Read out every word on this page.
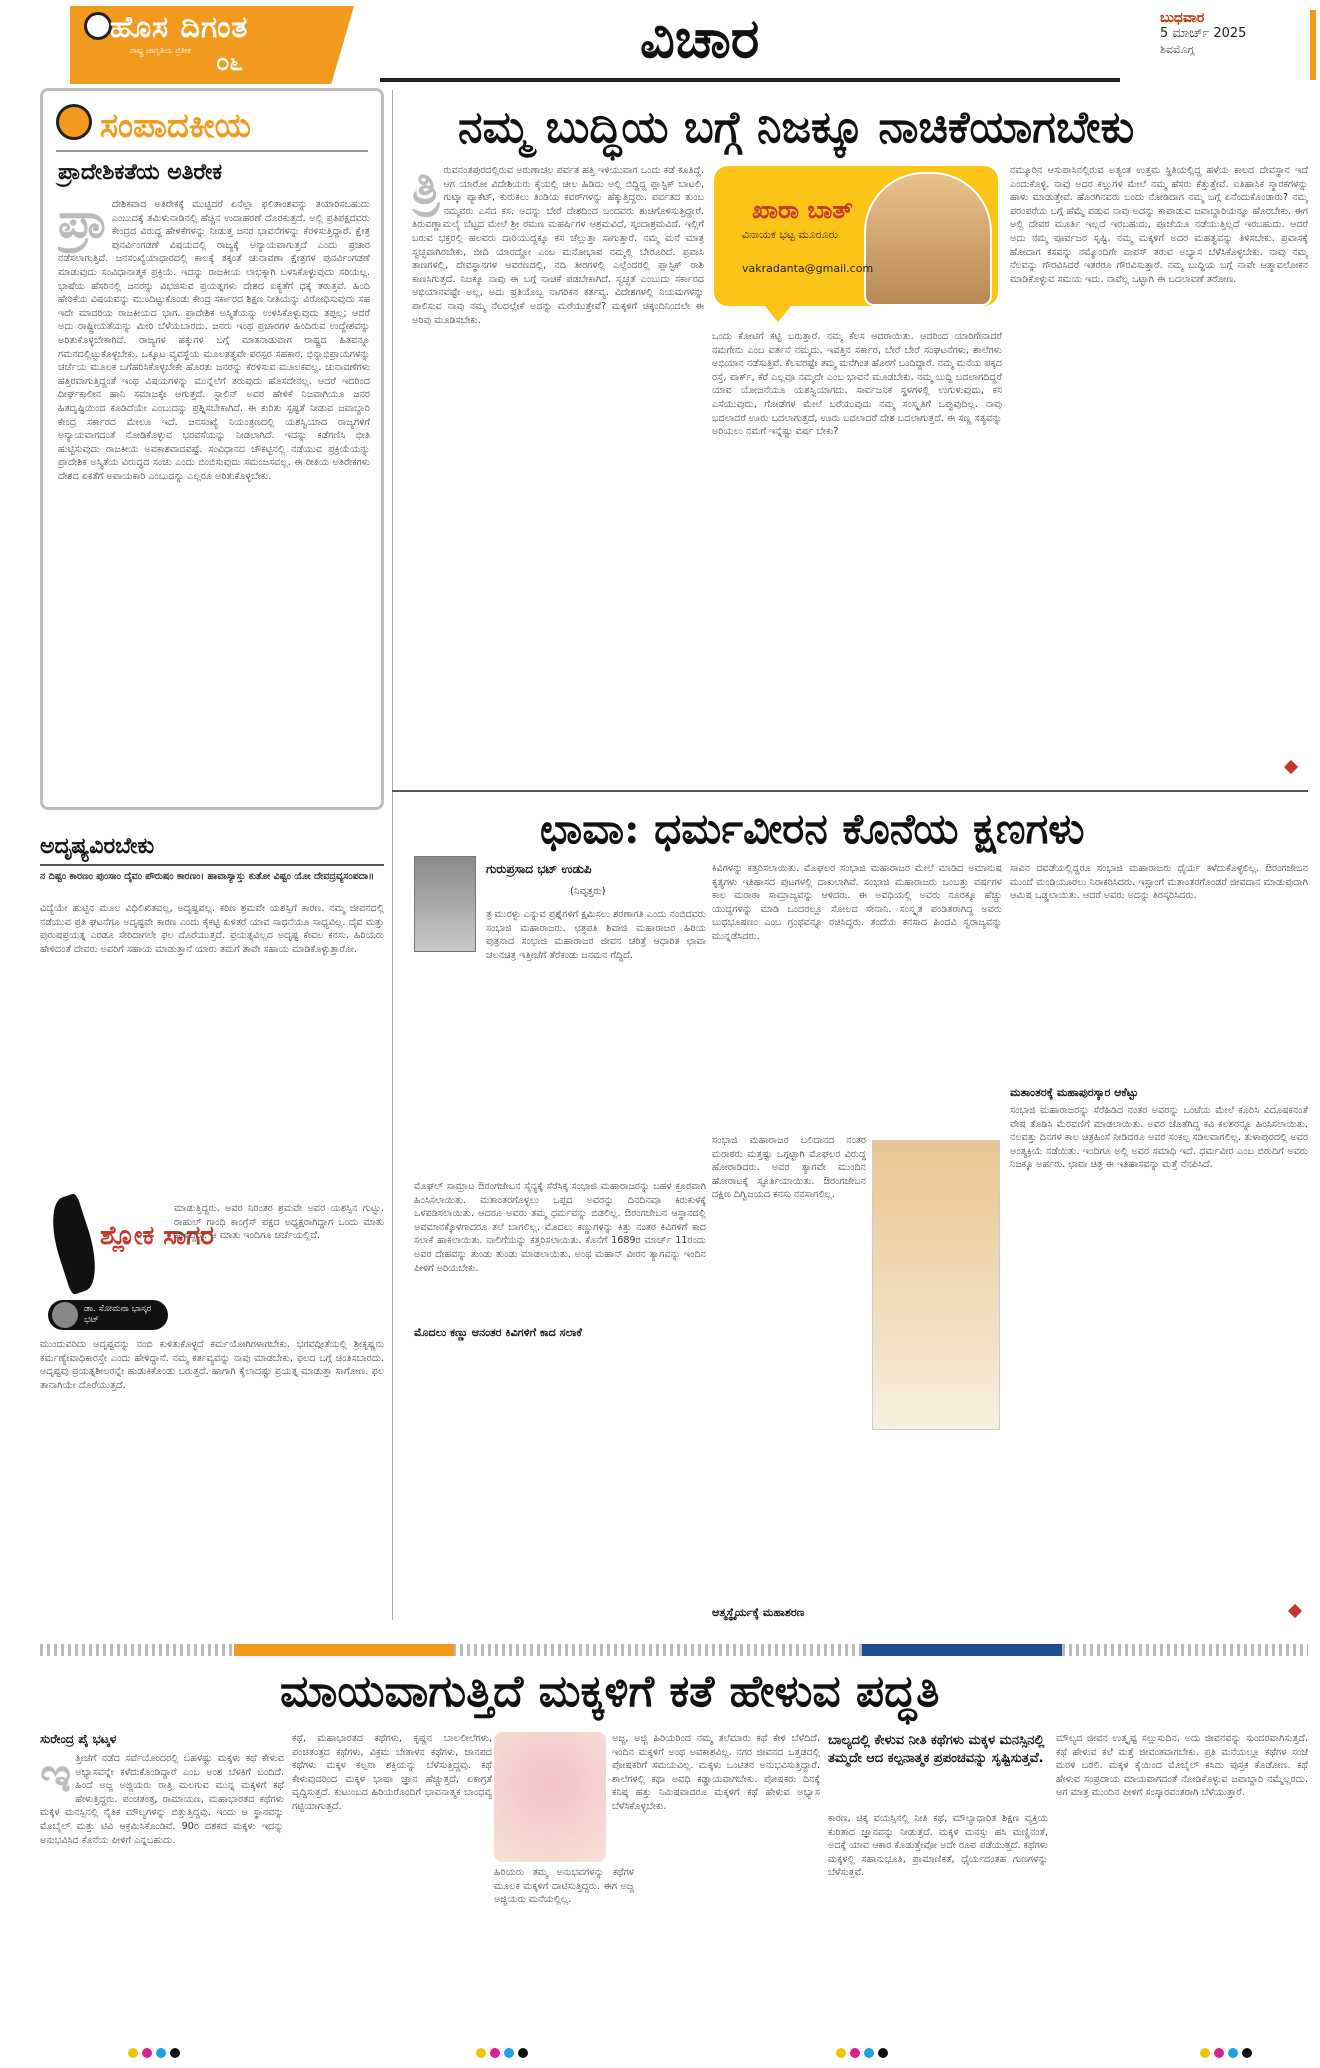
ಹೊಸ ದಿಗಂತ
ರಾಷ್ಟ್ರ ಜಾಗೃತಿಯ ಪ್ರತೀಕ ೦೬	ವಿಚಾರ	ಬುಧವಾರ
5 ಮಾರ್ಚ್ 2025
ಶಿವಮೊಗ್ಗ
ಸಂಪಾದಕೀಯ
ಪ್ರಾದೇಶಿಕತೆಯ ಅತಿರೇಕ
ಪ್ರಾ ದೇಶಿಕವಾದ ಅತಿರೇಕಕ್ಕೆ ಮುಟ್ಟಿದರೆ ಏನೆಲ್ಲಾ ಫಲಿತಾಂಶವನ್ನು ತಯಾರಿಸಬಹುದು ಎಂಬುದಕ್ಕೆ ತಮಿಳುನಾಡಿನಲ್ಲಿ ಹೆಚ್ಚಿನ ಉದಾಹರಣೆ ದೊರಕುತ್ತದೆ. ಅಲ್ಲಿ ಪ್ರತಿಪಕ್ಷದವರು ಕೇಂದ್ರದ ವಿರುದ್ಧ ಹೇಳಿಕೆಗಳನ್ನು ನೀಡುತ್ತ ಜನರ ಭಾವನೆಗಳನ್ನು ಕೆರಳಿಸುತ್ತಿದ್ದಾರೆ. ಕ್ಷೇತ್ರ ಪುನರ್ವಿಂಗಡಣೆ ವಿಷಯದಲ್ಲಿ ರಾಜ್ಯಕ್ಕೆ ಅನ್ಯಾಯವಾಗುತ್ತದೆ ಎಂದು ಪ್ರಚಾರ ನಡೆಸಲಾಗುತ್ತಿದೆ. ಜನಸಂಖ್ಯೆಯಾಧಾರದಲ್ಲಿ ಕಾಲಕ್ಕೆ ತಕ್ಕಂತೆ ಚುನಾವಣಾ ಕ್ಷೇತ್ರಗಳ ಪುನರ್ವಿಂಗಡಣೆ ಮಾಡುವುದು ಸಂವಿಧಾನಾತ್ಮಕ ಪ್ರಕ್ರಿಯೆ. ಇದನ್ನು ರಾಜಕೀಯ ಲಾಭಕ್ಕಾಗಿ ಬಳಸಿಕೊಳ್ಳುವುದು ಸರಿಯಲ್ಲ. ಭಾಷೆಯ ಹೆಸರಿನಲ್ಲಿ ಜನರನ್ನು ವಿಭಜಿಸುವ ಪ್ರಯತ್ನಗಳು ದೇಶದ ಐಕ್ಯತೆಗೆ ಧಕ್ಕೆ ತರುತ್ತವೆ. ಹಿಂದಿ ಹೇರಿಕೆಯ ವಿಷಯವನ್ನು ಮುಂದಿಟ್ಟುಕೊಂಡು ಕೇಂದ್ರ ಸರ್ಕಾರದ ಶಿಕ್ಷಣ ನೀತಿಯನ್ನು ವಿರೋಧಿಸುವುದು ಸಹ ಇದೇ ಮಾದರಿಯ ರಾಜಕೀಯದ ಭಾಗ. ಪ್ರಾದೇಶಿಕ ಅಸ್ಮಿತೆಯನ್ನು ಉಳಿಸಿಕೊಳ್ಳುವುದು ತಪ್ಪಲ್ಲ; ಆದರೆ ಅದು ರಾಷ್ಟ್ರೀಯತೆಯನ್ನು ಮೀರಿ ಬೆಳೆಯಬಾರದು. ಜನರು ಇಂಥ ಪ್ರಚಾರಗಳ ಹಿಂದಿರುವ ಉದ್ದೇಶವನ್ನು ಅರಿತುಕೊಳ್ಳಬೇಕಾಗಿದೆ. ರಾಜ್ಯಗಳ ಹಕ್ಕುಗಳ ಬಗ್ಗೆ ಮಾತನಾಡುವಾಗ ರಾಷ್ಟ್ರದ ಹಿತವನ್ನೂ ಗಮನದಲ್ಲಿಟ್ಟುಕೊಳ್ಳಬೇಕು. ಒಕ್ಕೂಟ ವ್ಯವಸ್ಥೆಯ ಮೂಲತತ್ವವೇ ಪರಸ್ಪರ ಸಹಕಾರ. ಭಿನ್ನಾಭಿಪ್ರಾಯಗಳನ್ನು ಚರ್ಚೆಯ ಮೂಲಕ ಬಗೆಹರಿಸಿಕೊಳ್ಳಬೇಕೇ ಹೊರತು ಜನರನ್ನು ಕೆರಳಿಸುವ ಮೂಲಕವಲ್ಲ. ಚುನಾವಣೆಗಳು ಹತ್ತಿರವಾಗುತ್ತಿದ್ದಂತೆ ಇಂಥ ವಿಷಯಗಳನ್ನು ಮುನ್ನೆಲೆಗೆ ತರುವುದು ಹೊಸದೇನಲ್ಲ. ಆದರೆ ಇದರಿಂದ ದೀರ್ಘಕಾಲೀನ ಹಾನಿ ಸಮಾಜಕ್ಕೇ ಆಗುತ್ತದೆ. ಸ್ಟಾಲಿನ್ ಅವರ ಹೇಳಿಕೆ ನಿಜವಾಗಿಯೂ ಜನರ ಹಿತದೃಷ್ಟಿಯಿಂದ ಕೂಡಿದೆಯೇ ಎಂಬುದನ್ನು ಪ್ರಶ್ನಿಸಬೇಕಾಗಿದೆ. ಈ ಕುರಿತು ಸ್ಪಷ್ಟತೆ ನೀಡುವ ಜವಾಬ್ದಾರಿ ಕೇಂದ್ರ ಸರ್ಕಾರದ ಮೇಲೂ ಇದೆ. ಜನಸಂಖ್ಯೆ ನಿಯಂತ್ರಣದಲ್ಲಿ ಯಶಸ್ವಿಯಾದ ರಾಜ್ಯಗಳಿಗೆ ಅನ್ಯಾಯವಾಗದಂತೆ ನೋಡಿಕೊಳ್ಳುವ ಭರವಸೆಯನ್ನು ನೀಡಲಾಗಿದೆ. ಇದನ್ನು ಕಡೆಗಣಿಸಿ ಭೀತಿ ಹುಟ್ಟಿಸುವುದು ರಾಜಕೀಯ ಅವಕಾಶವಾದವಷ್ಟೆ. ಸಂವಿಧಾನದ ಚೌಕಟ್ಟಿನಲ್ಲಿ ನಡೆಯುವ ಪ್ರಕ್ರಿಯೆಯನ್ನು ಪ್ರಾದೇಶಿಕ ಅಸ್ಮಿತೆಯ ವಿರುದ್ಧದ ಸಂಚು ಎಂದು ಬಿಂಬಿಸುವುದು ಸಮಂಜಸವಲ್ಲ. ಈ ರೀತಿಯ ಅತಿರೇಕಗಳು ದೇಶದ ಏಕತೆಗೆ ಅಪಾಯಕಾರಿ ಎಂಬುದನ್ನು ಎಲ್ಲರೂ ಅರಿತುಕೊಳ್ಳಬೇಕು.
ನಮ್ಮ ಬುದ್ಧಿಯ ಬಗ್ಗೆ ನಿಜಕ್ಕೂ ನಾಚಿಕೆಯಾಗಬೇಕು
ತ್ರಿ ರುವನಂತಪುರದಲ್ಲಿರುವ ಅರುಣಾಚಲ ಪರ್ವತ ಹತ್ತಿ ಇಳಿಯುವಾಗ ಒಂದು ಕಡೆ ಕೂತಿದ್ದೆ. ಆಗ ಯಾರೋ ವಿದೇಶಿಯರು ಕೈಯಲ್ಲಿ ಚೀಲ ಹಿಡಿದು ಅಲ್ಲಿ ಬಿದ್ದಿದ್ದ ಪ್ಲಾಸ್ಟಿಕ್ ಬಾಟಲಿ, ಗುಟ್ಕಾ ಪ್ಯಾಕೆಟ್, ಕುರುಕಲು ತಿಂಡಿಯ ಕವರ್‌ಗಳನ್ನು ಹೆಕ್ಕುತ್ತಿದ್ದರು. ಪರ್ವತದ ತುಂಬ ನಮ್ಮವರು ಎಸೆದ ಕಸ. ಅದನ್ನು ಬೇರೆ ದೇಶದಿಂದ ಬಂದವರು ಶುಚಿಗೊಳಿಸುತ್ತಿದ್ದಾರೆ. ತಿರುವಣ್ಣಾಮಲೈ ಬೆಟ್ಟದ ಮೇಲೆ ಶ್ರೀ ರಮಣ ಮಹರ್ಷಿಗಳ ಆಶ್ರಮವಿದೆ, ಸ್ಕಂದಾಶ್ರಮವಿದೆ. ಇಲ್ಲಿಗೆ ಬರುವ ಭಕ್ತರಲ್ಲಿ ಹಲವರು ದಾರಿಯುದ್ದಕ್ಕೂ ಕಸ ಚೆಲ್ಲುತ್ತಾ ಸಾಗುತ್ತಾರೆ. ನಮ್ಮ ಮನೆ ಮಾತ್ರ ಸ್ವಚ್ಛವಾಗಿರಬೇಕು, ಬೀದಿ ಯಾರದ್ದೋ ಎಂಬ ಮನೋಭಾವ ನಮ್ಮಲ್ಲಿ ಬೇರೂರಿದೆ. ಪ್ರವಾಸಿ ತಾಣಗಳಲ್ಲಿ, ದೇವಸ್ಥಾನಗಳ ಆವರಣದಲ್ಲಿ, ನದಿ ತೀರಗಳಲ್ಲಿ ಎಲ್ಲೆಂದರಲ್ಲಿ ಪ್ಲಾಸ್ಟಿಕ್ ರಾಶಿ ಕಾಣಸಿಗುತ್ತದೆ. ನಿಜಕ್ಕೂ ನಾವು ಈ ಬಗ್ಗೆ ನಾಚಿಕೆ ಪಡಬೇಕಾಗಿದೆ. ಸ್ವಚ್ಛತೆ ಎಂಬುದು ಸರ್ಕಾರದ ಅಭಿಯಾನವಷ್ಟೇ ಅಲ್ಲ, ಅದು ಪ್ರತಿಯೊಬ್ಬ ನಾಗರಿಕನ ಕರ್ತವ್ಯ. ವಿದೇಶಗಳಲ್ಲಿ ನಿಯಮಗಳನ್ನು ಪಾಲಿಸುವ ನಾವು ನಮ್ಮ ನೆಲದಲ್ಲೇಕೆ ಅದನ್ನು ಮರೆಯುತ್ತೇವೆ? ಮಕ್ಕಳಿಗೆ ಚಿಕ್ಕಂದಿನಿಂದಲೇ ಈ ಅರಿವು ಮೂಡಿಸಬೇಕು.
ಖಾರಾ ಬಾತ್
ವಿನಾಯಕ ಭಟ್ಟ ಮೂರೂರು
vakradanta@gmail.com
ಒಂದು ಕೋಟಿಗೆ ಕಟ್ಟಿ ಬರುತ್ತಾರೆ. ನಮ್ಮ ಕೆಲಸ ಆದರಾಯಿತು. ಆದರಿಂದ ಯಾರಿಗೇನಾದರೆ ನಮಗೇನು ಎಂಬ ವರ್ತನೆ ನಮ್ಮದು. ಇವತ್ತಿನ ಸರ್ಕಾರ, ಬೇರೆ ಬೇರೆ ಸಂಘಟನೆಗಳು, ಶಾಲೆಗಳು ಅಭಿಯಾನ ನಡೆಸುತ್ತಿವೆ. ಕೆಲವರಷ್ಟೇ ತಮ್ಮ ಮನೆಗಿಂತ ಹೊರಗೆ ಬಂದಿದ್ದಾರೆ. ನಮ್ಮ ಮನೆಯ ಪಕ್ಕದ ರಸ್ತೆ, ಪಾರ್ಕ್, ಕೆರೆ ಎಲ್ಲವೂ ನಮ್ಮದೇ ಎಂಬ ಭಾವನೆ ಮೂಡಬೇಕು. ನಮ್ಮ ಬುದ್ಧಿ ಬದಲಾಗದಿದ್ದರೆ ಯಾವ ಯೋಜನೆಯೂ ಯಶಸ್ವಿಯಾಗದು. ಸಾರ್ವಜನಿಕ ಸ್ಥಳಗಳಲ್ಲಿ ಉಗುಳುವುದು, ಕಸ ಎಸೆಯುವುದು, ಗೋಡೆಗಳ ಮೇಲೆ ಬರೆಯುವುದು ನಮ್ಮ ಸಂಸ್ಕೃತಿಗೆ ಒಪ್ಪುವುದಿಲ್ಲ. ನಾವು ಬದಲಾದರೆ ಊರು ಬದಲಾಗುತ್ತದೆ, ಊರು ಬದಲಾದರೆ ದೇಶ ಬದಲಾಗುತ್ತದೆ. ಈ ಸಣ್ಣ ಸತ್ಯವನ್ನು ಅರಿಯಲು ನಮಗೆ ಇನ್ನೆಷ್ಟು ವರ್ಷ ಬೇಕು?
ನಮ್ಮೂರಿನ ಆಸುಪಾಸಿನಲ್ಲಿರುವ ಅತ್ಯಂತ ಉತ್ತಮ ಸ್ಥಿತಿಯಲ್ಲಿದ್ದ ಹಳೆಯ ಕಾಲದ ದೇವಸ್ಥಾನ ಇದೆ ಎಂದುಕೊಳ್ಳಿ. ನಾವು ಅದರ ಕಲ್ಲುಗಳ ಮೇಲೆ ನಮ್ಮ ಹೆಸರು ಕೆತ್ತುತ್ತೇವೆ. ಐತಿಹಾಸಿಕ ಸ್ಮಾರಕಗಳನ್ನು ಹಾಳು ಮಾಡುತ್ತೇವೆ. ಹೊರಗಿನವರು ಬಂದು ನೋಡಿದಾಗ ನಮ್ಮ ಬಗ್ಗೆ ಏನೆಂದುಕೊಂಡಾರು? ನಮ್ಮ ಪರಂಪರೆಯ ಬಗ್ಗೆ ಹೆಮ್ಮೆ ಪಡುವ ನಾವು ಅದನ್ನು ಕಾಪಾಡುವ ಜವಾಬ್ದಾರಿಯನ್ನೂ ಹೊರಬೇಕು. ಈಗ ಅಲ್ಲಿ ದೇವರ ಮೂರ್ತಿ ಇಲ್ಲದೆ ಇರಬಹುದು, ಪೂಜೆಯೂ ನಡೆಯುತ್ತಿಲ್ಲದೆ ಇರಬಹುದು. ಆದರೆ ಅದು ನಮ್ಮ ಪೂರ್ವಜರ ಸೃಷ್ಟಿ. ನಮ್ಮ ಮಕ್ಕಳಿಗೆ ಅದರ ಮಹತ್ವವನ್ನು ತಿಳಿಸಬೇಕು. ಪ್ರವಾಸಕ್ಕೆ ಹೋದಾಗ ಕಸವನ್ನು ನಮ್ಮೊಂದಿಗೇ ವಾಪಸ್ ತರುವ ಅಭ್ಯಾಸ ಬೆಳೆಸಿಕೊಳ್ಳಬೇಕು. ನಾವು ನಮ್ಮ ನೆಲವನ್ನು ಗೌರವಿಸಿದರೆ ಇತರರೂ ಗೌರವಿಸುತ್ತಾರೆ. ನಮ್ಮ ಬುದ್ಧಿಯ ಬಗ್ಗೆ ನಾವೇ ಆತ್ಮಾವಲೋಕನ ಮಾಡಿಕೊಳ್ಳುವ ಸಮಯ ಇದು. ನಾವೆಲ್ಲ ಒಟ್ಟಾಗಿ ಈ ಬದಲಾವಣೆ ತರೋಣ.
ಛಾವಾ: ಧರ್ಮವೀರನ ಕೊನೆಯ ಕ್ಷಣಗಳು
ಗುರುಪ್ರಸಾದ ಭಟ್ ಉಡುಪಿ
(ನಿವೃತ್ತರು)
ತ್ರ ಮುರಳ್ಳು ಎನ್ನುವ ಪ್ರಶ್ನೆಗಳಿಗೆ ಕ್ಷಮಿಸಲು ಶರಣಾಗತಿ ಎಂದು ನಂಬಿದವರು ಸಂಭಾಜಿ ಮಹಾರಾಜರು. ಛತ್ರಪತಿ ಶಿವಾಜಿ ಮಹಾರಾಜರ ಹಿರಿಯ ಪುತ್ರನಾದ ಸಂಭಾಜಿ ಮಹಾರಾಜರ ಜೀವನ ಚರಿತ್ರೆ ಆಧಾರಿತ ಛಾವಾ ಚಲನಚಿತ್ರ ಇತ್ತೀಚೆಗೆ ತೆರೆಕಂಡು ಜನಮನ ಗೆದ್ದಿದೆ.
ಮೊಘಲ್ ಸಾಮ್ರಾಟ ಔರಂಗಜೇಬನ ಸೈನ್ಯಕ್ಕೆ ಸೆರೆಸಿಕ್ಕ ಸಂಭಾಜಿ ಮಹಾರಾಜರನ್ನು ಬಹಳ ಕ್ರೂರವಾಗಿ ಹಿಂಸಿಸಲಾಯಿತು. ಮತಾಂತರಗೊಳ್ಳಲು ಒಪ್ಪದ ಅವರನ್ನು ದಿನದಿನವೂ ಕಿರುಕುಳಕ್ಕೆ ಒಳಪಡಿಸಲಾಯಿತು. ಆದರೂ ಅವರು ತಮ್ಮ ಧರ್ಮವನ್ನು ಬಿಡಲಿಲ್ಲ. ಔರಂಗಜೇಬನ ಆಸ್ಥಾನದಲ್ಲಿ ಅವಮಾನಕ್ಕೊಳಗಾದರೂ ತಲೆ ಬಾಗಲಿಲ್ಲ. ಮೊದಲು ಕಣ್ಣುಗಳನ್ನು ಕಿತ್ತು ನಂತರ ಕಿವಿಗಳಿಗೆ ಕಾದ ಸಲಾಕೆ ಹಾಕಲಾಯಿತು. ನಾಲಿಗೆಯನ್ನು ಕತ್ತರಿಸಲಾಯಿತು. ಕೊನೆಗೆ 1689ರ ಮಾರ್ಚ್ 11ರಂದು ಅವರ ದೇಹವನ್ನು ತುಂಡು ತುಂಡು ಮಾಡಲಾಯಿತು. ಅಂಥ ಮಹಾನ್ ವೀರನ ತ್ಯಾಗವನ್ನು ಇಂದಿನ ಪೀಳಿಗೆ ಅರಿಯಬೇಕು.
ಕಿವಿಗಳನ್ನು ಕತ್ತರಿಸಲಾಯಿತು. ಮೊಘಲರ ಸಂಭಾಜಿ ಮಹಾರಾಜರ ಮೇಲೆ ಮಾಡಿದ ಅಮಾನುಷ ಕೃತ್ಯಗಳು ಇತಿಹಾಸದ ಪುಟಗಳಲ್ಲಿ ದಾಖಲಾಗಿವೆ. ಸಂಭಾಜಿ ಮಹಾರಾಜರು ಒಂಬತ್ತು ವರ್ಷಗಳ ಕಾಲ ಮರಾಠಾ ಸಾಮ್ರಾಜ್ಯವನ್ನು ಆಳಿದರು. ಈ ಅವಧಿಯಲ್ಲಿ ಅವರು ನೂರಕ್ಕೂ ಹೆಚ್ಚು ಯುದ್ಧಗಳನ್ನು ಮಾಡಿ ಒಂದರಲ್ಲೂ ಸೋಲದ ಸೇನಾನಿ. ಸಂಸ್ಕೃತ ಪಂಡಿತರಾಗಿದ್ದ ಅವರು ಬುಧಭೂಷಣಂ ಎಂಬ ಗ್ರಂಥವನ್ನೂ ರಚಿಸಿದ್ದರು. ತಂದೆಯ ಕನಸಾದ ಹಿಂದವಿ ಸ್ವರಾಜ್ಯವನ್ನು ಮುನ್ನಡೆಸಿದರು.
ಸಂಭಾಜಿ ಮಹಾರಾಜರ ಬಲಿದಾನದ ನಂತರ ಮರಾಠರು ಮತ್ತಷ್ಟು ಒಗ್ಗಟ್ಟಾಗಿ ಮೊಘಲರ ವಿರುದ್ಧ ಹೋರಾಡಿದರು. ಅವರ ತ್ಯಾಗವೇ ಮುಂದಿನ ಹೋರಾಟಕ್ಕೆ ಸ್ಫೂರ್ತಿಯಾಯಿತು. ಔರಂಗಜೇಬನ ದಕ್ಷಿಣ ದಿಗ್ವಿಜಯದ ಕನಸು ನನಸಾಗಲಿಲ್ಲ.
ಆತ್ಮಸ್ಥೈರ್ಯಕ್ಕೆ ಮಹಾಶರಣ
ಸಾವಿನ ದವಡೆಯಲ್ಲಿದ್ದರೂ ಸಂಭಾಜಿ ಮಹಾರಾಜರು ಧೈರ್ಯ ಕಳೆದುಕೊಳ್ಳಲಿಲ್ಲ. ಔರಂಗಜೇಬನ ಮುಂದೆ ಮಂಡಿಯೂರಲು ನಿರಾಕರಿಸಿದರು. ಇಸ್ಲಾಂಗೆ ಮತಾಂತರಗೊಂಡರೆ ಜೀವದಾನ ಮಾಡುವುದಾಗಿ ಆಮಿಷ ಒಡ್ಡಲಾಯಿತು. ಆದರೆ ಅವರು ಅದನ್ನು ತಿರಸ್ಕರಿಸಿದರು.
ಮತಾಂತರಕ್ಕೆ ಮಹಾಪುರಸ್ಕಾರ ಆಕೆಟ್ಟು
ಸಂಭಾಜಿ ಮಹಾರಾಜರನ್ನು ಸೆರೆಹಿಡಿದ ನಂತರ ಅವರನ್ನು ಒಂಟೆಯ ಮೇಲೆ ಕೂರಿಸಿ ವಿದೂಷಕನಂತೆ ವೇಷ ತೊಡಿಸಿ ಮೆರವಣಿಗೆ ಮಾಡಲಾಯಿತು. ಅವರ ಜೊತೆಗಿದ್ದ ಕವಿ ಕಲಶರನ್ನೂ ಹಿಂಸಿಸಲಾಯಿತು. ನಲವತ್ತು ದಿನಗಳ ಕಾಲ ಚಿತ್ರಹಿಂಸೆ ನೀಡಿದರೂ ಅವರ ಸಂಕಲ್ಪ ಸಡಿಲವಾಗಲಿಲ್ಲ. ತುಳಾಪುರದಲ್ಲಿ ಅವರ ಅಂತ್ಯಕ್ರಿಯೆ ನಡೆಯಿತು. ಇಂದಿಗೂ ಅಲ್ಲಿ ಅವರ ಸಮಾಧಿ ಇದೆ. ಧರ್ಮವೀರ ಎಂಬ ಬಿರುದಿಗೆ ಅವರು ನಿಜಕ್ಕೂ ಅರ್ಹರು. ಛಾವಾ ಚಿತ್ರ ಈ ಇತಿಹಾಸವನ್ನು ಮತ್ತೆ ನೆನಪಿಸಿದೆ.
ಮೊದಲು ಕಣ್ಣು ಆನಂತರ ಕಿವಿಗಳಿಗೆ ಕಾದ ಸಲಾಕೆ
ಅದೃಷ್ಯವಿರಬೇಕು
ನ ದಿಷ್ಟಂ ಕಾರಣಂ ಪುಂಸಾಂ ದೈವಂ ಪೌರುಷಂ ಕಾರಣಂ। ಹಾವಾಸ್ಯಾಸ್ತು ಕುತೋ ವಿಷ್ಟಂ ಯೋ ದೇವದ್ರವ್ಯಸಂಪದಾ॥
ವಿದ್ಯೆಯೇ ಹುಟ್ಟಿನ ಮೂಲ ವಿಧಿಲಿಖಿತವಲ್ಲ, ಅದೃಷ್ಟವಲ್ಲ. ಕಠಿಣ ಶ್ರಮವೇ ಯಶಸ್ಸಿಗೆ ಕಾರಣ. ನಮ್ಮ ಜೀವನದಲ್ಲಿ ನಡೆಯುವ ಪ್ರತಿ ಘಟನೆಗೂ ಅದೃಷ್ಟವೇ ಕಾರಣ ಎಂದು ಕೈಕಟ್ಟಿ ಕುಳಿತರೆ ಯಾವ ಸಾಧನೆಯೂ ಸಾಧ್ಯವಿಲ್ಲ. ದೈವ ಮತ್ತು ಪುರುಷಪ್ರಯತ್ನ ಎರಡೂ ಸೇರಿದಾಗಲೇ ಫಲ ದೊರೆಯುತ್ತದೆ. ಪ್ರಯತ್ನವಿಲ್ಲದ ಅದೃಷ್ಟ ಕೇವಲ ಕನಸು. ಹಿರಿಯರು ಹೇಳಿದಂತೆ ದೇವರು ಅವರಿಗೆ ಸಹಾಯ ಮಾಡುತ್ತಾನೆ ಯಾರು ತಮಗೆ ತಾವೇ ಸಹಾಯ ಮಾಡಿಕೊಳ್ಳುತ್ತಾರೋ.
ಶ್ಲೋಕ ಸಾಗರ
ಡಾ. ಸೋಮನಾ ಭಾಸ್ಕರ ಭಟ್
ಮಾಡುತ್ತಿದ್ದರು. ಅವರ ನಿರಂತರ ಶ್ರಮವೇ ಅವರ ಯಶಸ್ಸಿನ ಗುಟ್ಟು. ರಾಹುಲ್ ಗಾಂಧಿ ಕಾಂಗ್ರೆಸ್ ಪಕ್ಷದ ಅಧ್ಯಕ್ಷರಾಗಿದ್ದಾಗ ಒಂದು ಮಾತು ಹೇಳಿದ್ದರು. ಆ ಮಾತು ಇಂದಿಗೂ ಚರ್ಚೆಯಲ್ಲಿದೆ.
ಮುಂದುವರಿದು ಅದೃಷ್ಟವನ್ನು ನಂಬಿ ಕುಳಿತುಕೊಳ್ಳದೆ ಕರ್ಮಯೋಗಿಗಳಾಗಬೇಕು. ಭಗವದ್ಗೀತೆಯಲ್ಲಿ ಶ್ರೀಕೃಷ್ಣನು ಕರ್ಮಣ್ಯೇವಾಧಿಕಾರಸ್ತೇ ಎಂದು ಹೇಳಿದ್ದಾನೆ. ನಮ್ಮ ಕರ್ತವ್ಯವನ್ನು ನಾವು ಮಾಡಬೇಕು, ಫಲದ ಬಗ್ಗೆ ಚಿಂತಿಸಬಾರದು. ಅದೃಷ್ಟವು ಪ್ರಯತ್ನಶೀಲರನ್ನೇ ಹುಡುಕಿಕೊಂಡು ಬರುತ್ತದೆ. ಹಾಗಾಗಿ ಕೈಲಾದಷ್ಟು ಪ್ರಯತ್ನ ಮಾಡುತ್ತಾ ಸಾಗೋಣ. ಫಲ ತಾನಾಗಿಯೇ ದೊರೆಯುತ್ತದೆ.
ಮಾಯವಾಗುತ್ತಿದೆ ಮಕ್ಕಳಿಗೆ ಕತೆ ಹೇಳುವ ಪದ್ಧತಿ
ಸುರೇಂದ್ರ ಪೈ ಭಟ್ಕಳ
ಇ ತ್ತೀಚೆಗೆ ನಡೆದ ಸರ್ವೆಯೊಂದರಲ್ಲಿ ಬಹಳಷ್ಟು ಮಕ್ಕಳು ಕಥೆ ಕೇಳುವ ಅಭ್ಯಾಸವನ್ನೇ ಕಳೆದುಕೊಂಡಿದ್ದಾರೆ ಎಂಬ ಅಂಶ ಬೆಳಕಿಗೆ ಬಂದಿದೆ. ಹಿಂದೆ ಅಜ್ಜ ಅಜ್ಜಿಯರು ರಾತ್ರಿ ಮಲಗುವ ಮುನ್ನ ಮಕ್ಕಳಿಗೆ ಕಥೆ ಹೇಳುತ್ತಿದ್ದರು. ಪಂಚತಂತ್ರ, ರಾಮಾಯಣ, ಮಹಾಭಾರತದ ಕಥೆಗಳು ಮಕ್ಕಳ ಮನಸ್ಸಿನಲ್ಲಿ ನೈತಿಕ ಮೌಲ್ಯಗಳನ್ನು ಬಿತ್ತುತ್ತಿದ್ದವು. ಇಂದು ಆ ಸ್ಥಾನವನ್ನು ಮೊಬೈಲ್ ಮತ್ತು ಟಿವಿ ಆಕ್ರಮಿಸಿಕೊಂಡಿವೆ. 90ರ ದಶಕದ ಮಕ್ಕಳು ಇದನ್ನು ಅನುಭವಿಸಿದ ಕೊನೆಯ ಪೀಳಿಗೆ ಎನ್ನಬಹುದು.
ಕಥೆ, ಮಹಾಭಾರತದ ಕಥೆಗಳು, ಕೃಷ್ಣನ ಬಾಲಲೀಲೆಗಳು, ಪಂಚತಂತ್ರದ ಕಥೆಗಳು, ವಿಕ್ರಮ ಬೇತಾಳನ ಕಥೆಗಳು, ಜಾನಪದ ಕಥೆಗಳು ಮಕ್ಕಳ ಕಲ್ಪನಾ ಶಕ್ತಿಯನ್ನು ಬೆಳೆಸುತ್ತಿದ್ದವು. ಕಥೆ ಕೇಳುವುದರಿಂದ ಮಕ್ಕಳ ಭಾಷಾ ಜ್ಞಾನ ಹೆಚ್ಚುತ್ತದೆ, ಏಕಾಗ್ರತೆ ವೃದ್ಧಿಸುತ್ತದೆ. ಕುಟುಂಬದ ಹಿರಿಯರೊಂದಿಗೆ ಭಾವನಾತ್ಮಕ ಬಾಂಧವ್ಯ ಗಟ್ಟಿಯಾಗುತ್ತದೆ.
ಹಿರಿಯರು ತಮ್ಮ ಅನುಭವಗಳನ್ನು ಕಥೆಗಳ ಮೂಲಕ ಮಕ್ಕಳಿಗೆ ದಾಟಿಸುತ್ತಿದ್ದರು. ಈಗ ಅಜ್ಜ ಅಜ್ಜಿಯರು ಮನೆಯಲ್ಲಿಲ್ಲ.
ಅಜ್ಜ, ಅಜ್ಜಿ ಹಿರಿಯರಿಂದ ನಮ್ಮ ತಲೆಮಾರು ಕಥೆ ಕೇಳಿ ಬೆಳೆದಿದೆ. ಇಂದಿನ ಮಕ್ಕಳಿಗೆ ಅಂಥ ಅವಕಾಶವಿಲ್ಲ. ನಗರ ಜೀವನದ ಒತ್ತಡದಲ್ಲಿ ಪೋಷಕರಿಗೆ ಸಮಯವಿಲ್ಲ. ಮಕ್ಕಳು ಒಂಟಿತನ ಅನುಭವಿಸುತ್ತಿದ್ದಾರೆ. ಶಾಲೆಗಳಲ್ಲಿ ಕಥಾ ಅವಧಿ ಕಡ್ಡಾಯವಾಗಬೇಕು. ಪೋಷಕರು ದಿನಕ್ಕೆ ಕನಿಷ್ಠ ಹತ್ತು ನಿಮಿಷವಾದರೂ ಮಕ್ಕಳಿಗೆ ಕಥೆ ಹೇಳುವ ಅಭ್ಯಾಸ ಬೆಳೆಸಿಕೊಳ್ಳಬೇಕು.
ಬಾಲ್ಯದಲ್ಲಿ ಕೇಳುವ ನೀತಿ ಕಥೆಗಳು ಮಕ್ಕಳ ಮನಸ್ಸಿನಲ್ಲಿ ತಮ್ಮದೇ ಆದ ಕಲ್ಪನಾತ್ಮಕ ಪ್ರಪಂಚವನ್ನು ಸೃಷ್ಟಿಸುತ್ತವೆ.
ಕಾರಣ, ಚಿಕ್ಕ ವಯಸ್ಸಿನಲ್ಲಿ ನೀತಿ ಕಥೆ, ಮೌಲ್ಯಾಧಾರಿತ ಶಿಕ್ಷಣ ವ್ಯಕ್ತಿಯ ಕುರಿತಾದ ಜ್ಞಾನವನ್ನು ನೀಡುತ್ತದೆ. ಮಕ್ಕಳ ಮನಸ್ಸು ಹಸಿ ಮಣ್ಣಿನಂತೆ, ಅದಕ್ಕೆ ಯಾವ ಆಕಾರ ಕೊಡುತ್ತೇವೋ ಅದೇ ರೂಪ ಪಡೆಯುತ್ತದೆ. ಕಥೆಗಳು ಮಕ್ಕಳಲ್ಲಿ ಸಹಾನುಭೂತಿ, ಪ್ರಾಮಾಣಿಕತೆ, ಧೈರ್ಯದಂತಹ ಗುಣಗಳನ್ನು ಬೆಳೆಸುತ್ತವೆ.
ಮೌಲ್ಯದ ಜೀವನ ಉತ್ಕೃಷ್ಟ ಸಲ್ಲುಸುದಿನ. ಅದು ಜೀವನವನ್ನು ಸುಂದರವಾಗಿಸುತ್ತದೆ. ಕಥೆ ಹೇಳುವ ಕಲೆ ಮತ್ತೆ ಜೀವಂತವಾಗಬೇಕು. ಪ್ರತಿ ಮನೆಯಲ್ಲೂ ಕಥೆಗಳ ಸಂಜೆ ಮರಳಿ ಬರಲಿ. ಮಕ್ಕಳ ಕೈಯಿಂದ ಮೊಬೈಲ್ ಕಸಿದು ಪುಸ್ತಕ ಕೊಡೋಣ. ಕಥೆ ಹೇಳುವ ಸಂಪ್ರದಾಯ ಮಾಯವಾಗದಂತೆ ನೋಡಿಕೊಳ್ಳುವ ಜವಾಬ್ದಾರಿ ನಮ್ಮೆಲ್ಲರದು. ಆಗ ಮಾತ್ರ ಮುಂದಿನ ಪೀಳಿಗೆ ಸಂಸ್ಕಾರವಂತರಾಗಿ ಬೆಳೆಯುತ್ತಾರೆ.
